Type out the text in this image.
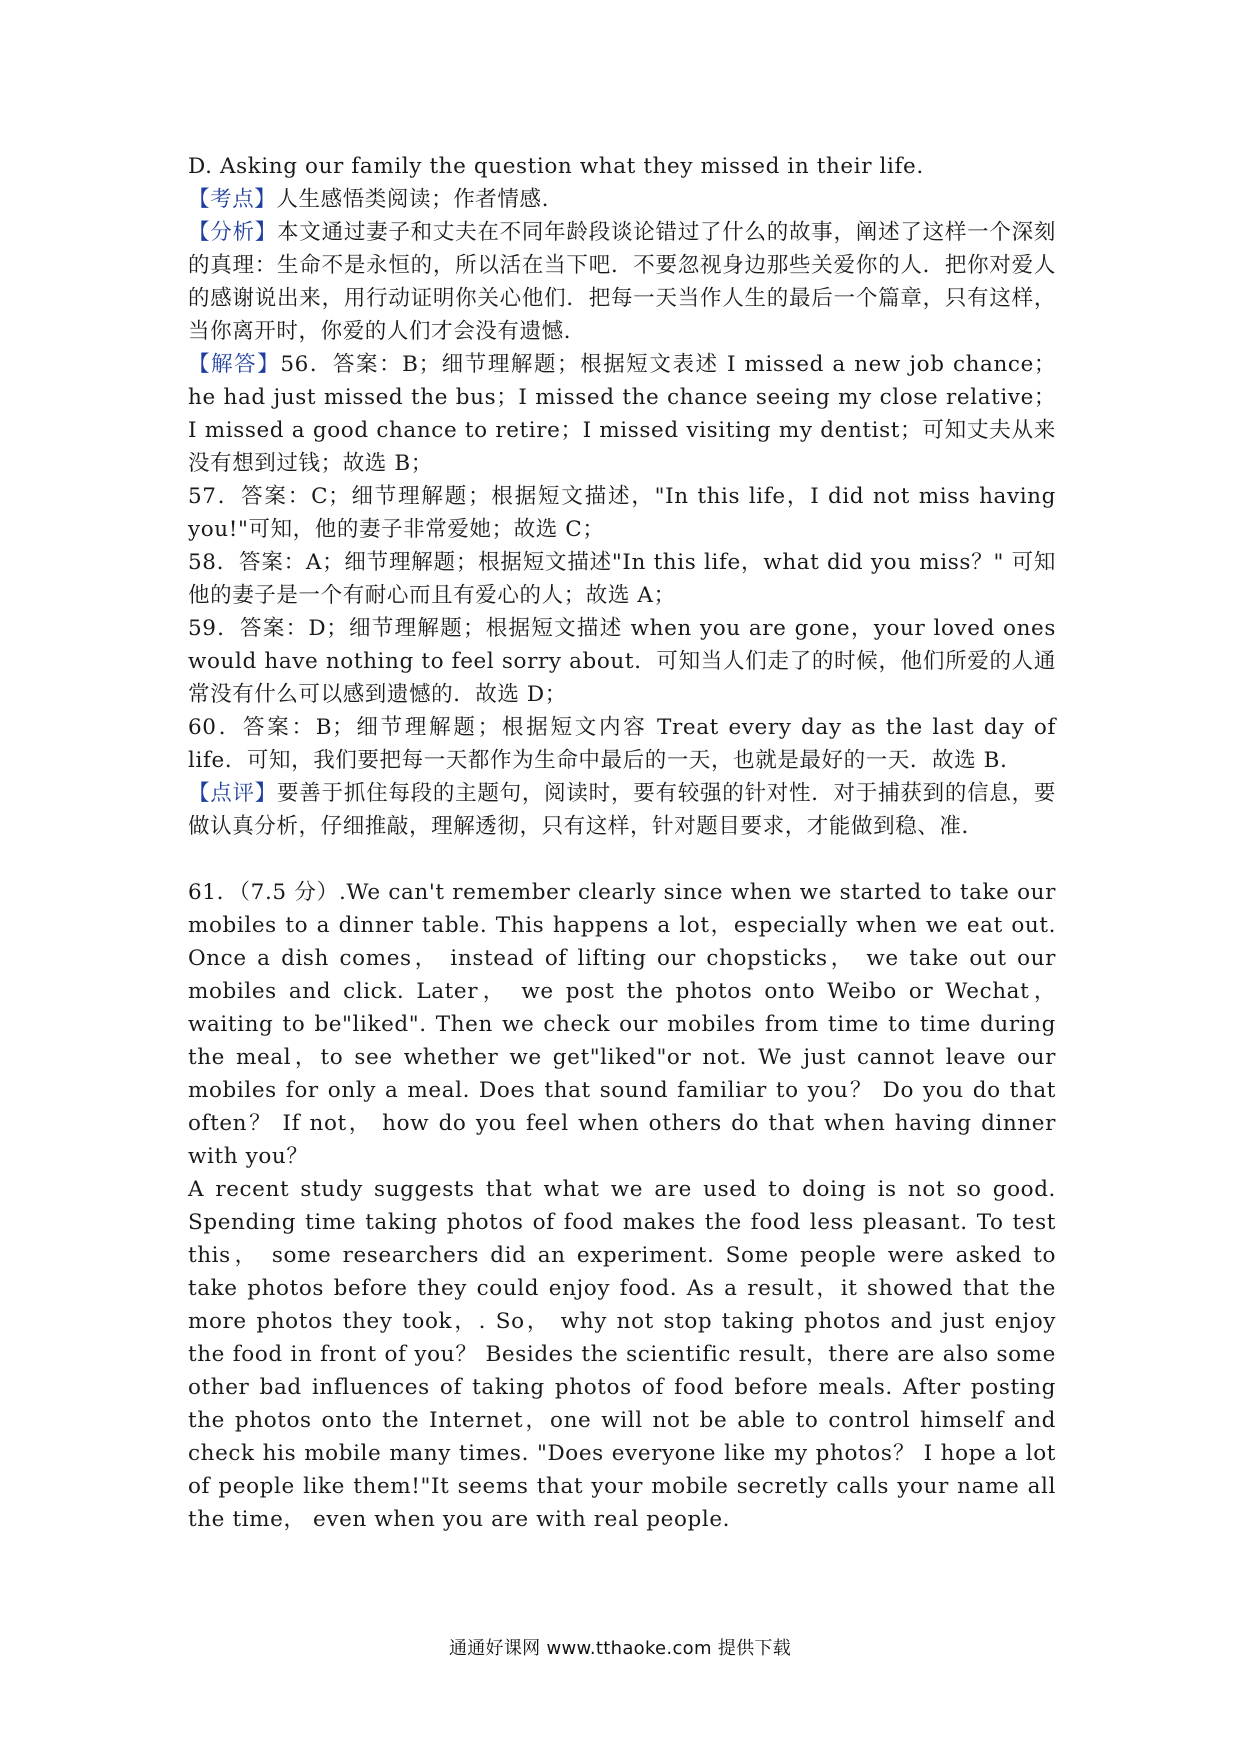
D. Asking our family the question what they missed in their life.

【考点】人生感悟类阅读；作者情感.

【分析】本文通过妻子和丈夫在不同年龄段谈论错过了什么的故事，阐述了这样一个深刻的真理：生命不是永恒的，所以活在当下吧．不要忽视身边那些关爱你的人．把你对爱人的感谢说出来，用行动证明你关心他们．把每一天当作人生的最后一个篇章，只有这样，当你离开时，你爱的人们才会没有遗憾．

【解答】56．答案：B；细节理解题；根据短文表述 I missed a new job chance；he had just missed the bus；I missed the chance seeing my close relative；I missed a good chance to retire；I missed visiting my dentist；可知丈夫从来没有想到过钱；故选 B；

57．答案：C；细节理解题；根据短文描述，"In this life，I did not miss having you!"可知，他的妻子非常爱她；故选 C；

58．答案：A；细节理解题；根据短文描述"In this life，what did you miss？" 可知他的妻子是一个有耐心而且有爱心的人；故选 A；

59．答案：D；细节理解题；根据短文描述 when you are gone，your loved ones would have nothing to feel sorry about．可知当人们走了的时候，他们所爱的人通常没有什么可以感到遗憾的．故选 D；

60．答案：B；细节理解题；根据短文内容 Treat every day as the last day of life．可知，我们要把每一天都作为生命中最后的一天，也就是最好的一天．故选 B．

【点评】要善于抓住每段的主题句，阅读时，要有较强的针对性．对于捕获到的信息，要做认真分析，仔细推敲，理解透彻，只有这样，针对题目要求，才能做到稳、准．

61．（7.5 分）.We can't remember clearly since when we started to take our mobiles to a dinner table. This happens a lot，especially when we eat out. Once a dish comes， instead of lifting our chopsticks， we take out our mobiles and click. Later， we post the photos onto Weibo or Wechat， waiting to be"liked". Then we check our mobiles from time to time during the meal，to see whether we get"liked"or not. We just cannot leave our mobiles for only a meal. Does that sound familiar to you？ Do you do that often？ If not， how do you feel when others do that when having dinner with you？

A recent study suggests that what we are used to doing is not so good. Spending time taking photos of food makes the food less pleasant. To test this， some researchers did an experiment. Some people were asked to take photos before they could enjoy food. As a result，it showed that the more photos they took，. So， why not stop taking photos and just enjoy the food in front of you？ Besides the scientific result，there are also some other bad influences of taking photos of food before meals. After posting the photos onto the Internet，one will not be able to control himself and check his mobile many times. "Does everyone like my photos？ I hope a lot of people like them!"It seems that your mobile secretly calls your name all the time， even when you are with real people.

通通好课网 www.tthaoke.com 提供下载
